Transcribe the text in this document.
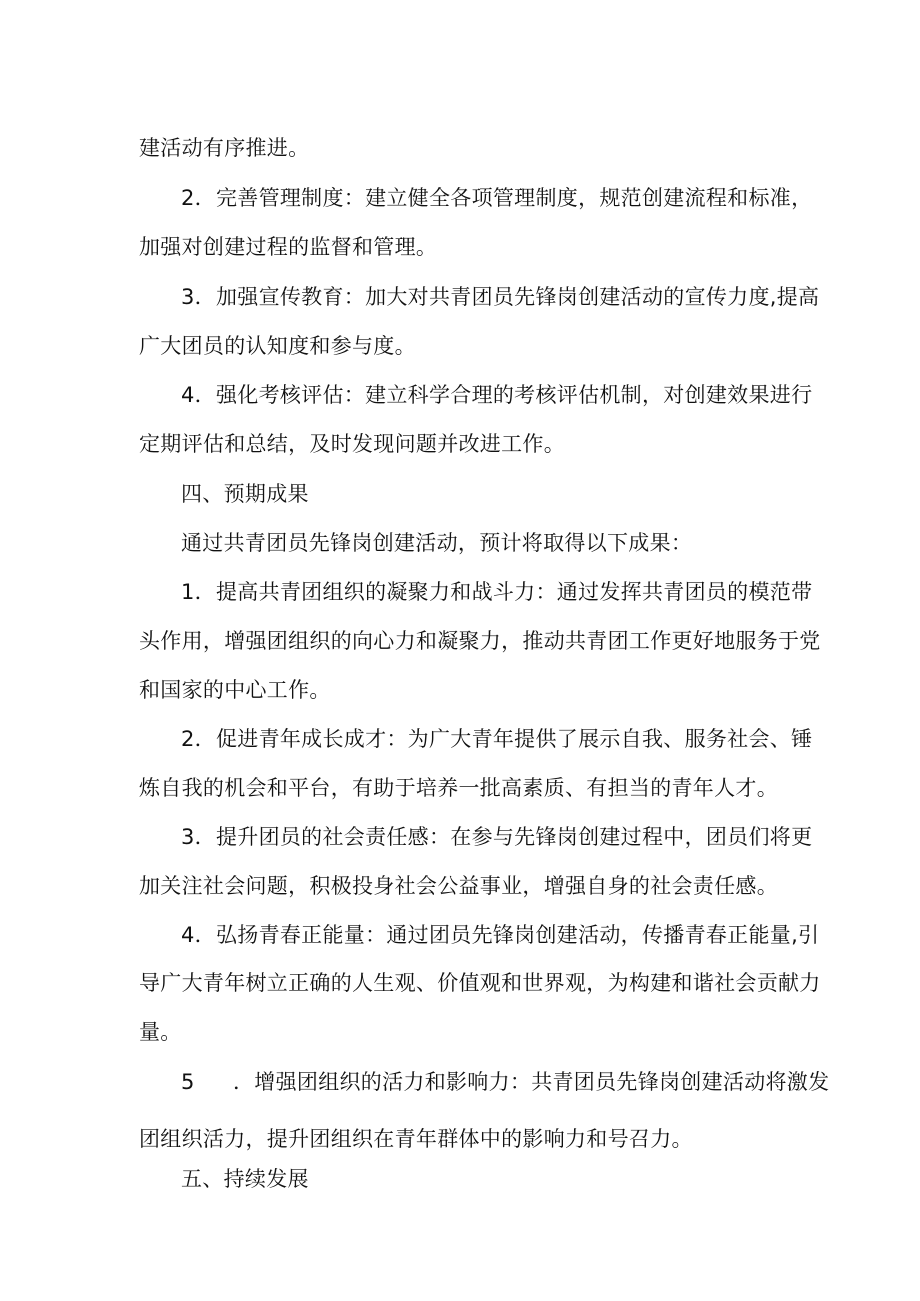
建活动有序推进。
2．完善管理制度：建立健全各项管理制度，规范创建流程和标准，
加强对创建过程的监督和管理。
3．加强宣传教育：加大对共青团员先锋岗创建活动的宣传力度,提高
广大团员的认知度和参与度。
4．强化考核评估：建立科学合理的考核评估机制，对创建效果进行
定期评估和总结，及时发现问题并改进工作。
四、预期成果
通过共青团员先锋岗创建活动，预计将取得以下成果：
1．提高共青团组织的凝聚力和战斗力：通过发挥共青团员的模范带
头作用，增强团组织的向心力和凝聚力，推动共青团工作更好地服务于党
和国家的中心工作。
2．促进青年成长成才：为广大青年提供了展示自我、服务社会、锤
炼自我的机会和平台，有助于培养一批高素质、有担当的青年人才。
3．提升团员的社会责任感：在参与先锋岗创建过程中，团员们将更
加关注社会问题，积极投身社会公益事业，增强自身的社会责任感。
4．弘扬青春正能量：通过团员先锋岗创建活动，传播青春正能量,引
导广大青年树立正确的人生观、价值观和世界观，为构建和谐社会贡献力
量。
5 ．增强团组织的活力和影响力：共青团员先锋岗创建活动将激发
团组织活力，提升团组织在青年群体中的影响力和号召力。
五、持续发展
